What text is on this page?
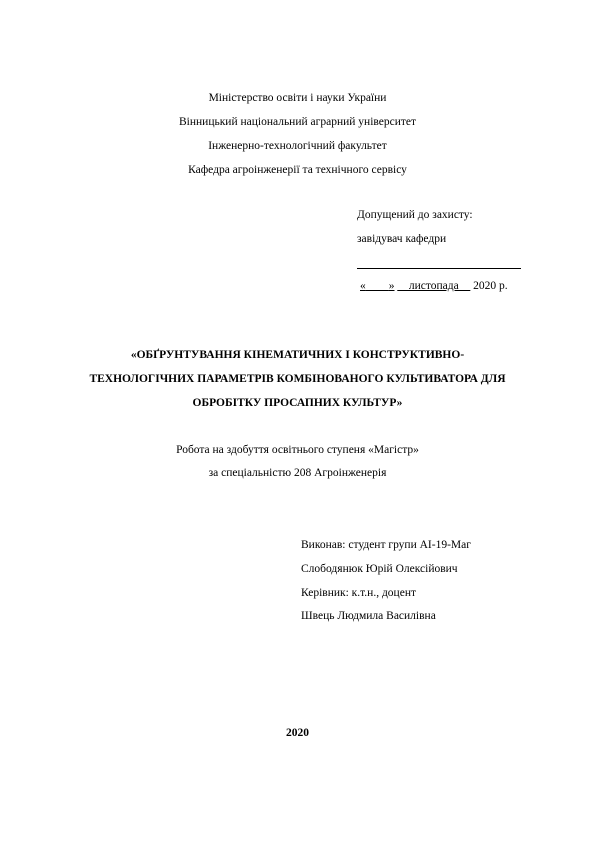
Міністерство освіти і науки України
Вінницький національний аграрний університет
Інженерно-технологічний факультет
Кафедра агроінженерії та технічного сервісу
Допущений до захисту:
завідувач кафедри
«____» __листопада__ 2020 р.
«ОБҐРУНТУВАННЯ КІНЕМАТИЧНИХ І КОНСТРУКТИВНО-
ТЕХНОЛОГІЧНИХ ПАРАМЕТРІВ КОМБІНОВАНОГО КУЛЬТИВАТОРА ДЛЯ
ОБРОБІТКУ ПРОСАПНИХ КУЛЬТУР»
Робота на здобуття освітнього ступеня «Магістр»
за спеціальністю 208 Агроінженерія
Виконав: студент групи АІ-19-Маг
Слободянюк Юрій Олексійович
Керівник: к.т.н., доцент
Швець Людмила Василівна
2020
